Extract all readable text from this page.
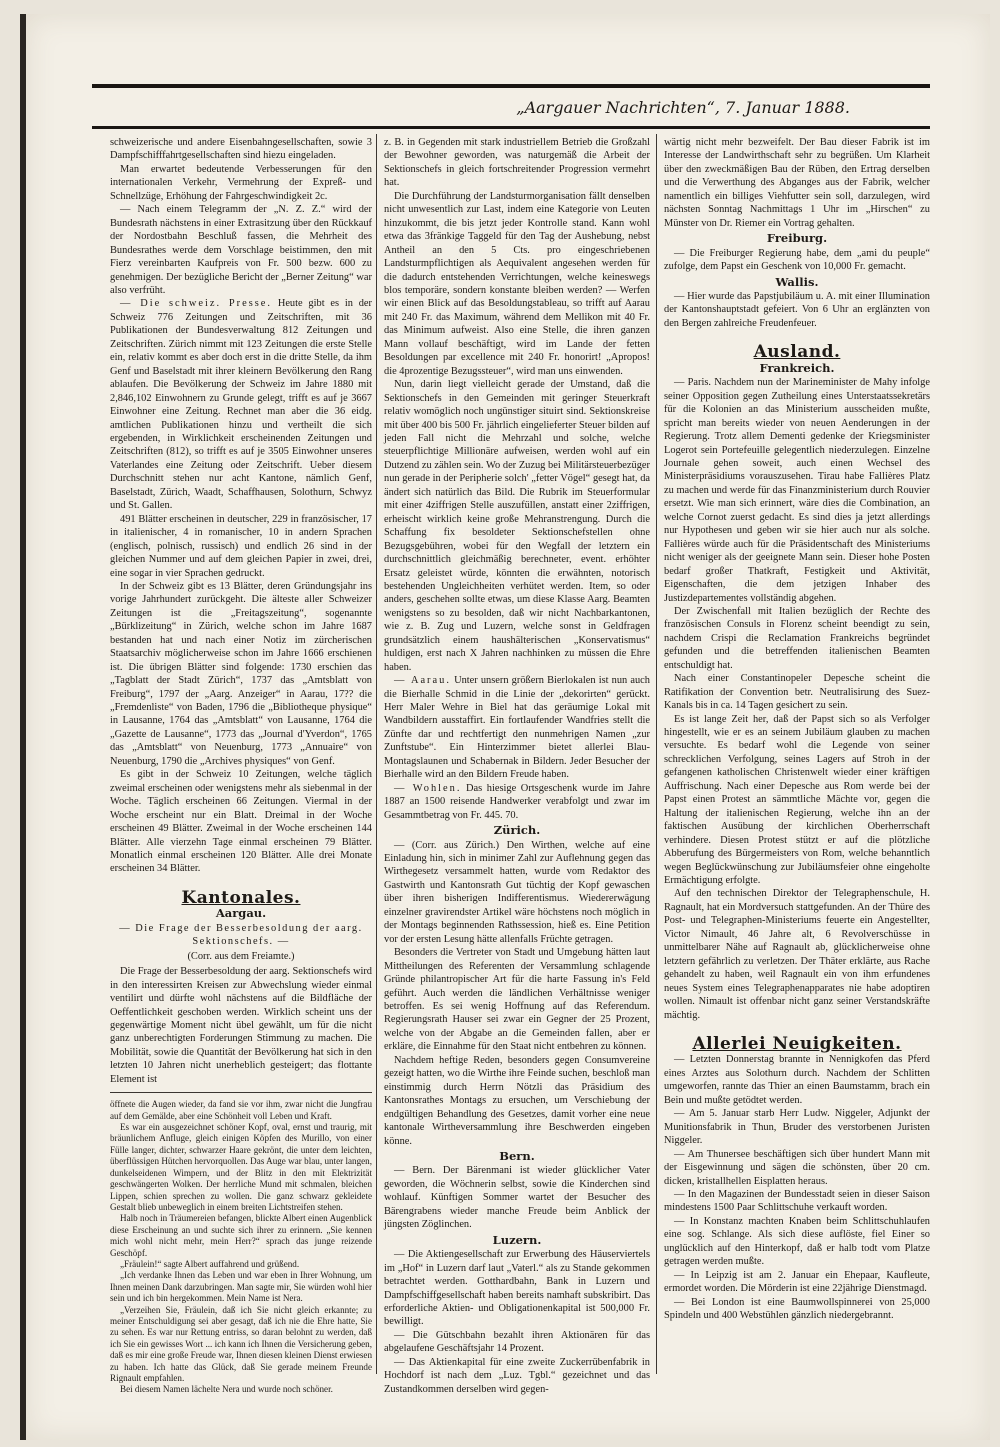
„Aargauer Nachrichten“, 7. Januar 1888.

schweizerische und andere Eisenbahngesellschaften, sowie 3 Dampfschifffahrtgesellschaften sind hiezu eingeladen.

Man erwartet bedeutende Verbesserungen für den internationalen Verkehr, Vermehrung der Expreß- und Schnellzüge, Erhöhung der Fahrgeschwindigkeit 2c.

— Nach einem Telegramm der „N. Z. Z.“ wird der Bundesrath nächstens in einer Extrasitzung über den Rückkauf der Nordostbahn Beschluß fassen, die Mehrheit des Bundesrathes werde dem Vorschlage beistimmen, den mit Fierz vereinbarten Kaufpreis von Fr. 500 bezw. 600 zu genehmigen. Der bezügliche Bericht der „Berner Zeitung“ war also verfrüht.

— Die schweiz. Presse. Heute gibt es in der Schweiz 776 Zeitungen und Zeitschriften, mit 36 Publikationen der Bundesverwaltung 812 Zeitungen und Zeitschriften. Zürich nimmt mit 123 Zeitungen die erste Stelle ein, relativ kommt es aber doch erst in die dritte Stelle, da ihm Genf und Baselstadt mit ihrer kleinern Bevölkerung den Rang ablaufen. Die Bevölkerung der Schweiz im Jahre 1880 mit 2,846,102 Einwohnern zu Grunde gelegt, trifft es auf je 3667 Einwohner eine Zeitung. Rechnet man aber die 36 eidg. amtlichen Publikationen hinzu und vertheilt die sich ergebenden, in Wirklichkeit erscheinenden Zeitungen und Zeitschriften (812), so trifft es auf je 3505 Einwohner unseres Vaterlandes eine Zeitung oder Zeitschrift. Ueber diesem Durchschnitt stehen nur acht Kantone, nämlich Genf, Baselstadt, Zürich, Waadt, Schaffhausen, Solothurn, Schwyz und St. Gallen.

491 Blätter erscheinen in deutscher, 229 in französischer, 17 in italienischer, 4 in romanischer, 10 in andern Sprachen (englisch, polnisch, russisch) und endlich 26 sind in der gleichen Nummer und auf dem gleichen Papier in zwei, drei, eine sogar in vier Sprachen gedruckt.

In der Schweiz gibt es 13 Blätter, deren Gründungsjahr ins vorige Jahrhundert zurückgeht. Die älteste aller Schweizer Zeitungen ist die „Freitagszeitung“, sogenannte „Bürklizeitung“ in Zürich, welche schon im Jahre 1687 bestanden hat und nach einer Notiz im zürcherischen Staatsarchiv möglicherweise schon im Jahre 1666 erschienen ist. Die übrigen Blätter sind folgende: 1730 erschien das „Tagblatt der Stadt Zürich“, 1737 das „Amtsblatt von Freiburg“, 1797 der „Aarg. Anzeiger“ in Aarau, 17?? die „Fremdenliste“ von Baden, 1796 die „Bibliotheque physique“ in Lausanne, 1764 das „Amtsblatt“ von Lausanne, 1764 die „Gazette de Lausanne“, 1773 das „Journal d'Yverdon“, 1765 das „Amtsblatt“ von Neuenburg, 1773 „Annuaire“ von Neuenburg, 1790 die „Archives physiques“ von Genf.

Es gibt in der Schweiz 10 Zeitungen, welche täglich zweimal erscheinen oder wenigstens mehr als siebenmal in der Woche. Täglich erscheinen 66 Zeitungen. Viermal in der Woche erscheint nur ein Blatt. Dreimal in der Woche erscheinen 49 Blätter. Zweimal in der Woche erscheinen 144 Blätter. Alle vierzehn Tage einmal erscheinen 79 Blätter. Monatlich einmal erscheinen 120 Blätter. Alle drei Monate erscheinen 34 Blätter.

Kantonales.
Aargau.
— Die Frage der Besserbesoldung der aarg. Sektionschefs. —
(Corr. aus dem Freiamte.)

Die Frage der Besserbesoldung der aarg. Sektionschefs wird in den interessirten Kreisen zur Abwechslung wieder einmal ventilirt und dürfte wohl nächstens auf die Bildfläche der Oeffentlichkeit geschoben werden. Wirklich scheint uns der gegenwärtige Moment nicht übel gewählt, um für die nicht ganz unberechtigten Forderungen Stimmung zu machen. Die Mobilität, sowie die Quantität der Bevölkerung hat sich in den letzten 10 Jahren nicht unerheblich gesteigert; das flottante Element ist

öffnete die Augen wieder, da fand sie vor ihm, zwar nicht die Jungfrau auf dem Gemälde, aber eine Schönheit voll Leben und Kraft.

Es war ein ausgezeichnet schöner Kopf, oval, ernst und traurig, mit bräunlichem Anfluge, gleich einigen Köpfen des Murillo, von einer Fülle langer, dichter, schwarzer Haare gekrönt, die unter dem leichten, überflüssigen Hütchen hervorquollen. Das Auge war blau, unter langen, dunkelseidenen Wimpern, und der Blitz in den mit Elektrizität geschwängerten Wolken. Der herrliche Mund mit schmalen, bleichen Lippen, schien sprechen zu wollen. Die ganz schwarz gekleidete Gestalt blieb unbeweglich in einem breiten Lichtstreifen stehen.

Halb noch in Träumereien befangen, blickte Albert einen Augenblick diese Erscheinung an und suchte sich ihrer zu erinnern. „Sie kennen mich wohl nicht mehr, mein Herr?“ sprach das junge reizende Geschöpf.

„Fräulein!“ sagte Albert auffahrend und grüßend.

„Ich verdanke Ihnen das Leben und war eben in Ihrer Wohnung, um Ihnen meinen Dank darzubringen. Man sagte mir, Sie würden wohl hier sein und ich bin hergekommen. Mein Name ist Nera.

„Verzeihen Sie, Fräulein, daß ich Sie nicht gleich erkannte; zu meiner Entschuldigung sei aber gesagt, daß ich nie die Ehre hatte, Sie zu sehen. Es war nur Rettung entriss, so daran belohnt zu werden, daß ich Sie ein gewisses Wort ... ich kann ich Ihnen die Versicherung geben, daß es mir eine große Freude war, Ihnen diesen kleinen Dienst erwiesen zu haben. Ich hatte das Glück, daß Sie gerade meinem Freunde Rignault empfahlen.

Bei diesem Namen lächelte Nera und wurde noch schöner.

z. B. in Gegenden mit stark industriellem Betrieb die Großzahl der Bewohner geworden, was naturgemäß die Arbeit der Sektionschefs in gleich fortschreitender Progression vermehrt hat.

Die Durchführung der Landsturmorganisation fällt denselben nicht unwesentlich zur Last, indem eine Kategorie von Leuten hinzukommt, die bis jetzt jeder Kontrolle stand. Kann wohl etwa das 3fränkige Taggeld für den Tag der Aushebung, nebst Antheil an den 5 Cts. pro eingeschriebenen Landsturmpflichtigen als Aequivalent angesehen werden für die dadurch entstehenden Verrichtungen, welche keineswegs blos temporäre, sondern konstante bleiben werden? — Werfen wir einen Blick auf das Besoldungstableau, so trifft auf Aarau mit 240 Fr. das Maximum, während dem Mellikon mit 40 Fr. das Minimum aufweist. Also eine Stelle, die ihren ganzen Mann vollauf beschäftigt, wird im Lande der fetten Besoldungen par excellence mit 240 Fr. honorirt! „Apropos! die 4prozentige Bezugssteuer“, wird man uns einwenden.

Nun, darin liegt vielleicht gerade der Umstand, daß die Sektionschefs in den Gemeinden mit geringer Steuerkraft relativ womöglich noch ungünstiger situirt sind. Sektionskreise mit über 400 bis 500 Fr. jährlich eingelieferter Steuer bilden auf jeden Fall nicht die Mehrzahl und solche, welche steuerpflichtige Millionäre aufweisen, werden wohl auf ein Dutzend zu zählen sein. Wo der Zuzug bei Militärsteuerbezüger nun gerade in der Peripherie solch' „fetter Vögel“ gesegt hat, da ändert sich natürlich das Bild. Die Rubrik im Steuerformular mit einer 4ziffrigen Stelle auszufüllen, anstatt einer 2ziffrigen, erheischt wirklich keine große Mehranstrengung. Durch die Schaffung fix besoldeter Sektionschefstellen ohne Bezugsgebühren, wobei für den Wegfall der letztern ein durchschnittlich gleichmäßig berechneter, event. erhöhter Ersatz geleistet würde, könnten die erwähnten, notorisch bestehenden Ungleichheiten verhütet werden. Item, so oder anders, geschehen sollte etwas, um diese Klasse Aarg. Beamten wenigstens so zu besolden, daß wir nicht Nachbarkantonen, wie z. B. Zug und Luzern, welche sonst in Geldfragen grundsätzlich einem haushälterischen „Konservatismus“ huldigen, erst nach X Jahren nachhinken zu müssen die Ehre haben.

— Aarau. Unter unsern größern Bierlokalen ist nun auch die Bierhalle Schmid in die Linie der „dekorirten“ gerückt. Herr Maler Wehre in Biel hat das geräumige Lokal mit Wandbildern ausstaffirt. Ein fortlaufender Wandfries stellt die Zünfte dar und rechtfertigt den nunmehrigen Namen „zur Zunftstube“. Ein Hinterzimmer bietet allerlei Blau-Montagslaunen und Schabernak in Bildern. Jeder Besucher der Bierhalle wird an den Bildern Freude haben.

— Wohlen. Das hiesige Ortsgeschenk wurde im Jahre 1887 an 1500 reisende Handwerker verabfolgt und zwar im Gesammtbetrag von Fr. 445. 70.

Zürich.

— (Corr. aus Zürich.) Den Wirthen, welche auf eine Einladung hin, sich in minimer Zahl zur Auflehnung gegen das Wirthegesetz versammelt hatten, wurde vom Redaktor des Gastwirth und Kantonsrath Gut tüchtig der Kopf gewaschen über ihren bisherigen Indifferentismus. Wiedererwägung einzelner gravirendster Artikel wäre höchstens noch möglich in der Montags beginnenden Rathssession, hieß es. Eine Petition vor der ersten Lesung hätte allenfalls Früchte getragen.

Besonders die Vertreter von Stadt und Umgebung hätten laut Mittheilungen des Referenten der Versammlung schlagende Gründe philantropischer Art für die harte Fassung in's Feld geführt. Auch werden die ländlichen Verhältnisse weniger betroffen. Es sei wenig Hoffnung auf das Referendum. Regierungsrath Hauser sei zwar ein Gegner der 25 Prozent, welche von der Abgabe an die Gemeinden fallen, aber er erkläre, die Einnahme für den Staat nicht entbehren zu können.

Nachdem heftige Reden, besonders gegen Consumvereine gezeigt hatten, wo die Wirthe ihre Feinde suchen, beschloß man einstimmig durch Herrn Nötzli das Präsidium des Kantonsrathes Montags zu ersuchen, um Verschiebung der endgültigen Behandlung des Gesetzes, damit vorher eine neue kantonale Wirtheversammlung ihre Beschwerden eingeben könne.

Bern.

— Bern. Der Bärenmani ist wieder glücklicher Vater geworden, die Wöchnerin selbst, sowie die Kinderchen sind wohlauf. Künftigen Sommer wartet der Besucher des Bärengrabens wieder manche Freude beim Anblick der jüngsten Zöglinchen.

Luzern.

— Die Aktiengesellschaft zur Erwerbung des Häuserviertels im „Hof“ in Luzern darf laut „Vaterl.“ als zu Stande gekommen betrachtet werden. Gotthardbahn, Bank in Luzern und Dampfschiffgesellschaft haben bereits namhaft subskribirt. Das erforderliche Aktien- und Obligationenkapital ist 500,000 Fr. bewilligt.

— Die Gütschbahn bezahlt ihren Aktionären für das abgelaufene Geschäftsjahr 14 Prozent.

— Das Aktienkapital für eine zweite Zuckerrübenfabrik in Hochdorf ist nach dem „Luz. Tgbl.“ gezeichnet und das Zustandkommen derselben wird gegen-

wärtig nicht mehr bezweifelt. Der Bau dieser Fabrik ist im Interesse der Landwirthschaft sehr zu begrüßen. Um Klarheit über den zweckmäßigen Bau der Rüben, den Ertrag derselben und die Verwerthung des Abganges aus der Fabrik, welcher namentlich ein billiges Viehfutter sein soll, darzulegen, wird nächsten Sonntag Nachmittags 1 Uhr im „Hirschen“ zu Münster von Dr. Riemer ein Vortrag gehalten.

Freiburg.

— Die Freiburger Regierung habe, dem „ami du peuple“ zufolge, dem Papst ein Geschenk von 10,000 Fr. gemacht.

Wallis.

— Hier wurde das Papstjubiläum u. A. mit einer Illumination der Kantonshauptstadt gefeiert. Von 6 Uhr an erglänzten von den Bergen zahlreiche Freudenfeuer.

Ausland.
Frankreich.

— Paris. Nachdem nun der Marineminister de Mahy infolge seiner Opposition gegen Zutheilung eines Unterstaatssekretärs für die Kolonien an das Ministerium ausscheiden mußte, spricht man bereits wieder von neuen Aenderungen in der Regierung. Trotz allem Dementi gedenke der Kriegsminister Logerot sein Portefeuille gelegentlich niederzulegen. Einzelne Journale gehen soweit, auch einen Wechsel des Ministerpräsidiums vorauszusehen. Tirau habe Fallières Platz zu machen und werde für das Finanzministerium durch Rouvier ersetzt. Wie man sich erinnert, wäre dies die Combination, an welche Cornot zuerst gedacht. Es sind dies ja jetzt allerdings nur Hypothesen und geben wir sie hier auch nur als solche. Fallières würde auch für die Präsidentschaft des Ministeriums nicht weniger als der geeignete Mann sein. Dieser hohe Posten bedarf großer Thatkraft, Festigkeit und Aktivität, Eigenschaften, die dem jetzigen Inhaber des Justizdepartementes vollständig abgehen.

Der Zwischenfall mit Italien bezüglich der Rechte des französischen Consuls in Florenz scheint beendigt zu sein, nachdem Crispi die Reclamation Frankreichs begründet gefunden und die betreffenden italienischen Beamten entschuldigt hat.

Nach einer Constantinopeler Depesche scheint die Ratifikation der Convention betr. Neutralisirung des Suez-Kanals bis in ca. 14 Tagen gesichert zu sein.

Es ist lange Zeit her, daß der Papst sich so als Verfolger hingestellt, wie er es an seinem Jubiläum glauben zu machen versuchte. Es bedarf wohl die Legende von seiner schrecklichen Verfolgung, seines Lagers auf Stroh in der gefangenen katholischen Christenwelt wieder einer kräftigen Auffrischung. Nach einer Depesche aus Rom werde bei der Papst einen Protest an sämmtliche Mächte vor, gegen die Haltung der italienischen Regierung, welche ihn an der faktischen Ausübung der kirchlichen Oberherrschaft verhindere. Diesen Protest stützt er auf die plötzliche Abberufung des Bürgermeisters von Rom, welche behanntlich wegen Beglückwünschung zur Jubiläumsfeier ohne eingeholte Ermächtigung erfolgte.

Auf den technischen Direktor der Telegraphenschule, H. Ragnault, hat ein Mordversuch stattgefunden. An der Thüre des Post- und Telegraphen-Ministeriums feuerte ein Angestellter, Victor Nimault, 46 Jahre alt, 6 Revolverschüsse in unmittelbarer Nähe auf Ragnault ab, glücklicherweise ohne letztern gefährlich zu verletzen. Der Thäter erklärte, aus Rache gehandelt zu haben, weil Ragnault ein von ihm erfundenes neues System eines Telegraphenapparates nie habe adoptiren wollen. Nimault ist offenbar nicht ganz seiner Verstandskräfte mächtig.

Allerlei Neuigkeiten.

— Letzten Donnerstag brannte in Nennigkofen das Pferd eines Arztes aus Solothurn durch. Nachdem der Schlitten umgeworfen, rannte das Thier an einen Baumstamm, brach ein Bein und mußte getödtet werden.

— Am 5. Januar starb Herr Ludw. Niggeler, Adjunkt der Munitionsfabrik in Thun, Bruder des verstorbenen Juristen Niggeler.

— Am Thunersee beschäftigen sich über hundert Mann mit der Eisgewinnung und sägen die schönsten, über 20 cm. dicken, kristallhellen Eisplatten heraus.

— In den Magazinen der Bundesstadt seien in dieser Saison mindestens 1500 Paar Schlittschuhe verkauft worden.

— In Konstanz machten Knaben beim Schlittschuhlaufen eine sog. Schlange. Als sich diese auflöste, fiel Einer so unglücklich auf den Hinterkopf, daß er halb todt vom Platze getragen werden mußte.

— In Leipzig ist am 2. Januar ein Ehepaar, Kaufleute, ermordet worden. Die Mörderin ist eine 22jährige Dienstmagd.

— Bei London ist eine Baumwollspinnerei von 25,000 Spindeln und 400 Webstühlen gänzlich niedergebrannt.
